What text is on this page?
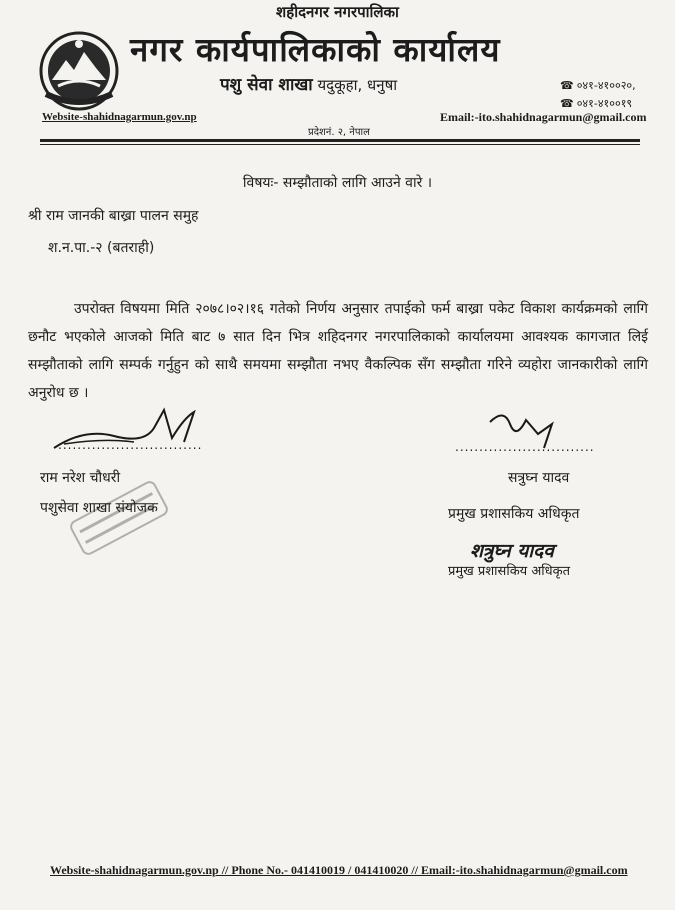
शहीदनगर नगरपालिका
नगर कार्यपालिकाको कार्यालय
पशु सेवा शाखा यदुकूहा, धनुषा	☎ ०४१-४१००२०,
☎ ०४१-४१००१९
Website-shahidnagarmun.gov.np	Email:-ito.shahidnagarmun@gmail.com
प्रदेशनं. २, नेपाल
विषयः- सम्झौताको लागि आउने वारे ।
श्री राम जानकी बाख्रा पालन समुह
श.न.पा.-२ (बतराही)
उपरोक्त विषयमा मिति २०७८।०२।१६ गतेको निर्णय अनुसार तपाईको फर्म बाख्रा पकेट विकाश कार्यक्रमको लागि छनौट भएकोले आजको मिति बाट ७ सात दिन भित्र शहिदनगर नगरपालिकाको कार्यालयमा आवश्यक कागजात लिई सम्झौताको लागि सम्पर्क गर्नुहुन को साथै समयमा सम्झौता नभए वैकल्पिक सँग सम्झौता गरिने व्यहोरा जानकारीको लागि अनुरोध छ ।
..............................
राम नरेश चौधरी
पशुसेवा शाखा संयोजक
.............................
सत्रुघ्न यादव
प्रमुख प्रशासकिय अधिकृत
शत्रुघ्न यादव
प्रमुख प्रशासकिय अधिकृत
Website-shahidnagarmun.gov.np // Phone No.- 041410019 / 041410020 // Email:-ito.shahidnagarmun@gmail.com
